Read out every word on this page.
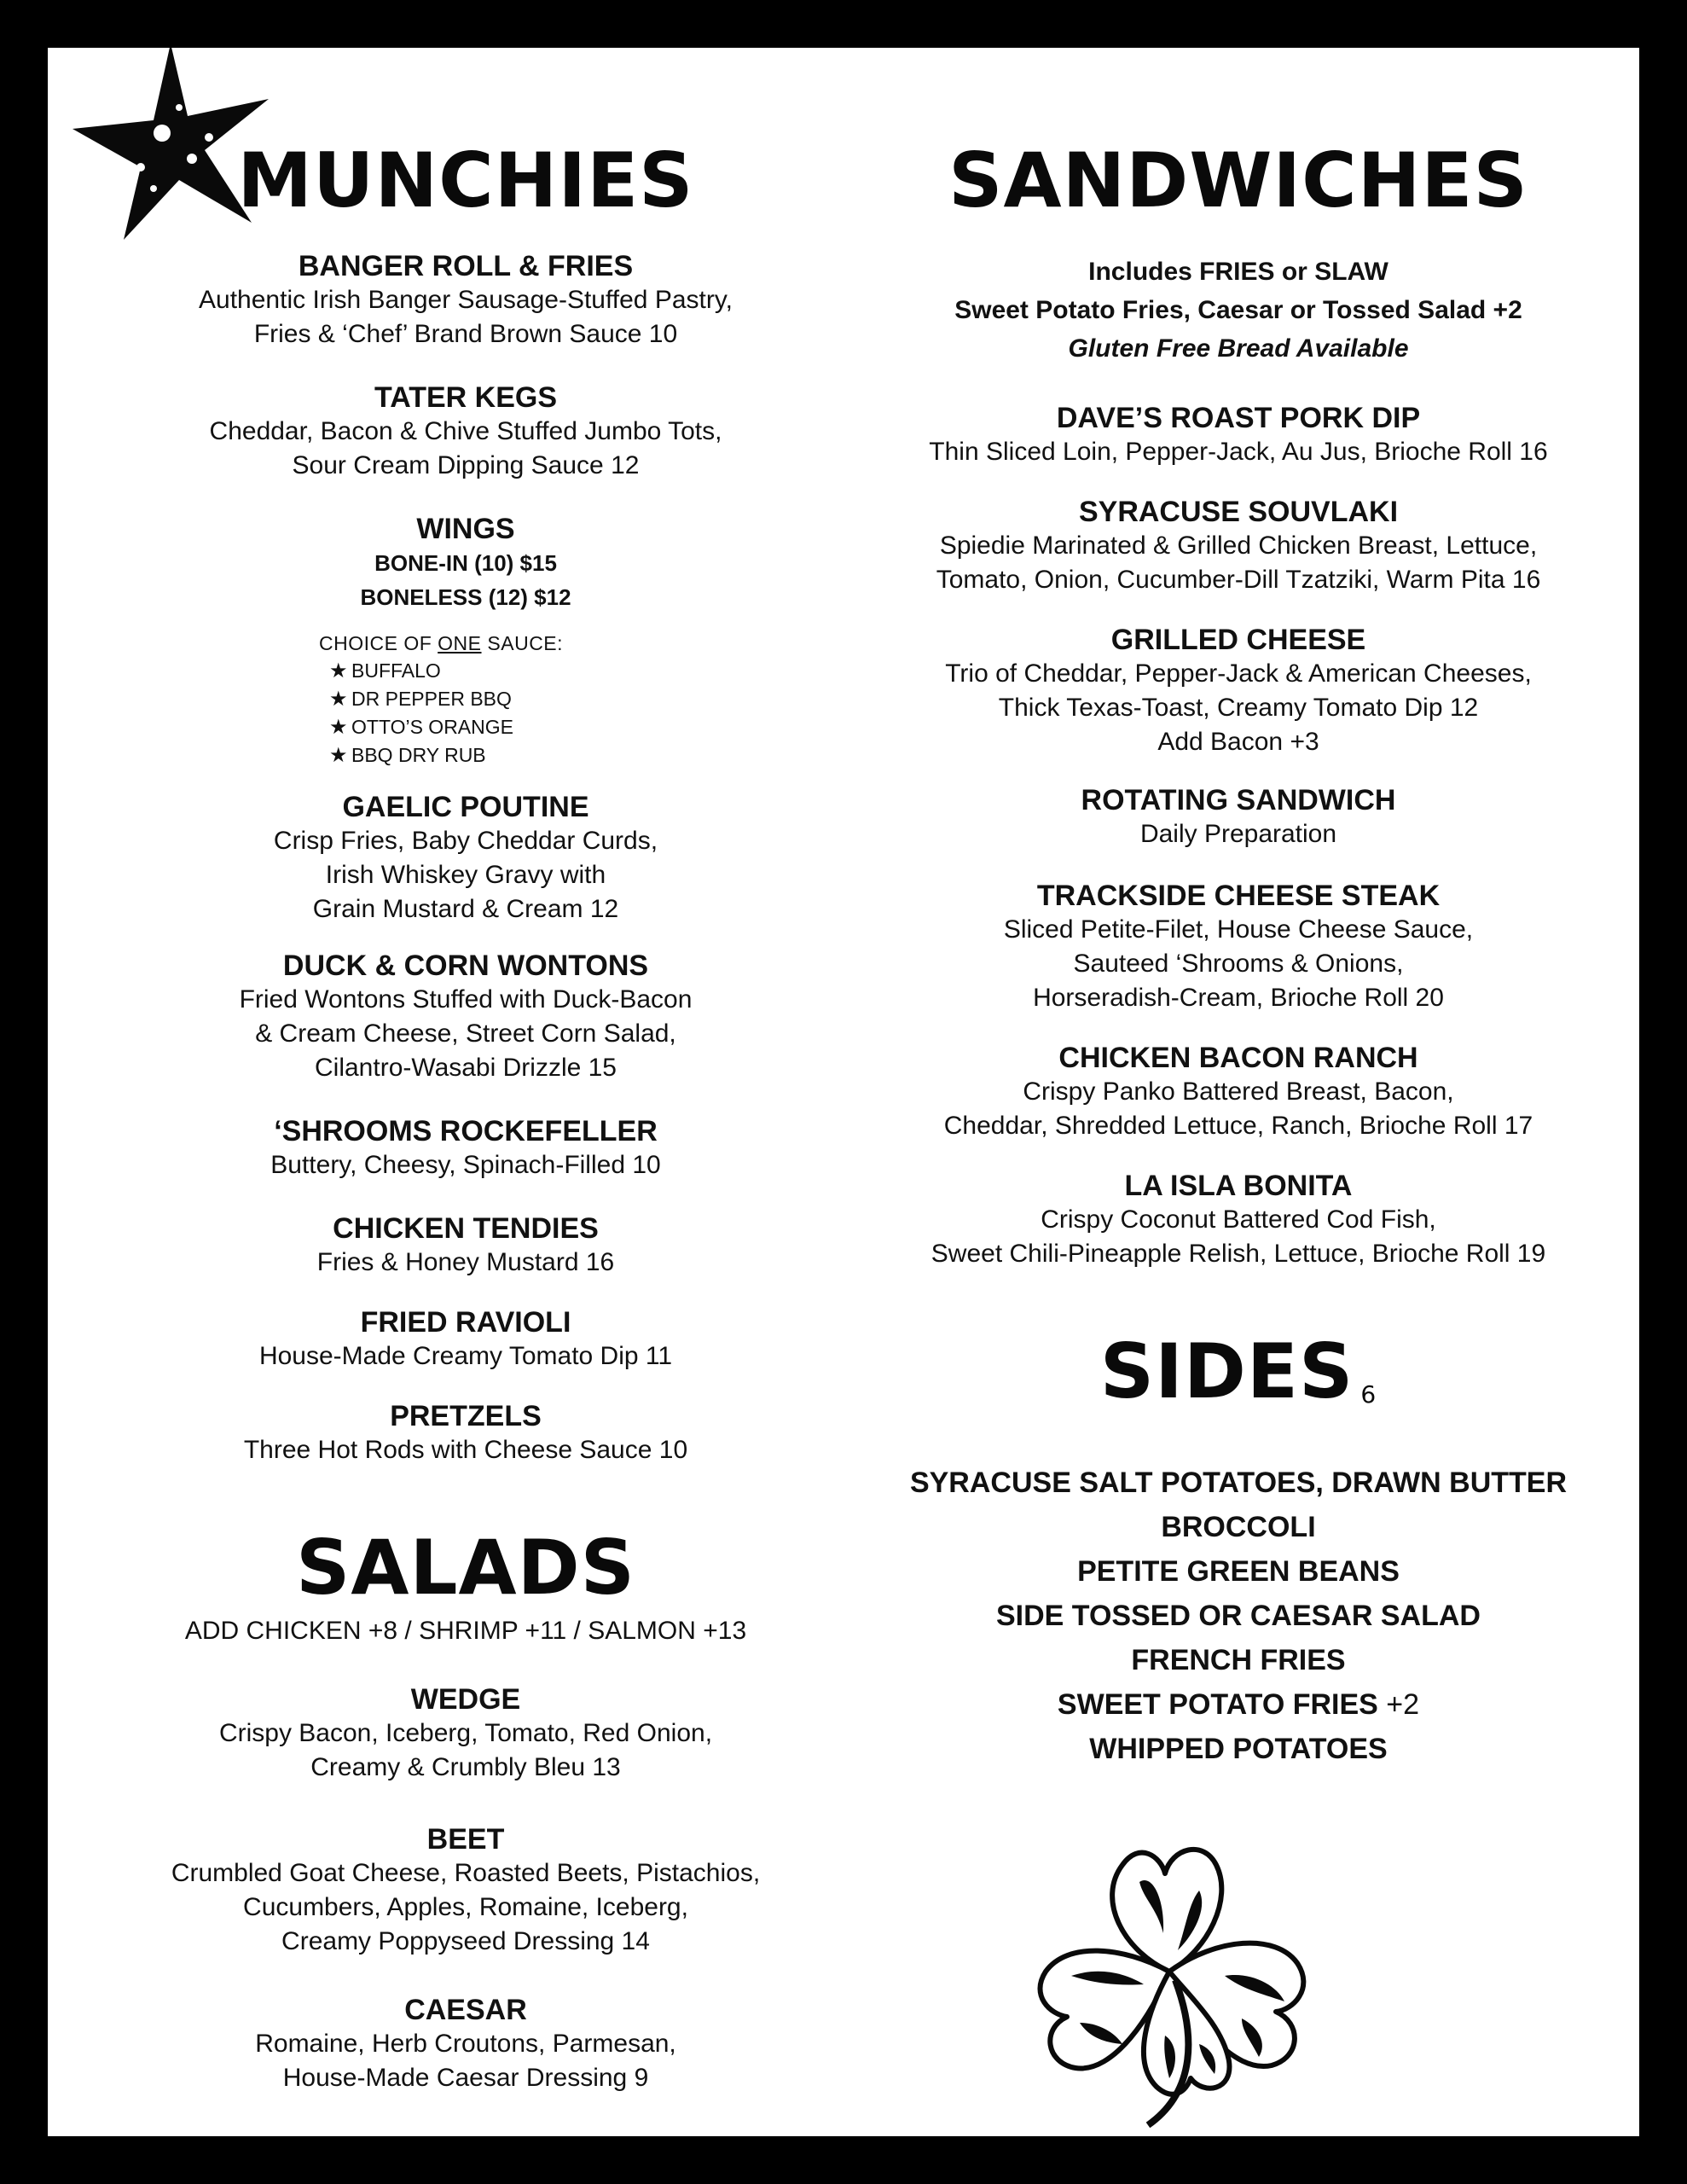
MUNCHIES
BANGER ROLL & FRIES
Authentic Irish Banger Sausage-Stuffed Pastry,
Fries & ‘Chef’ Brand Brown Sauce 10
TATER KEGS
Cheddar, Bacon & Chive Stuffed Jumbo Tots,
Sour Cream Dipping Sauce 12
WINGS
BONE-IN (10) $15
BONELESS (12) $12
CHOICE OF ONE SAUCE:
★ BUFFALO
★ DR PEPPER BBQ
★ OTTO’S ORANGE
★ BBQ DRY RUB
GAELIC POUTINE
Crisp Fries, Baby Cheddar Curds,
Irish Whiskey Gravy with
Grain Mustard & Cream 12
DUCK & CORN WONTONS
Fried Wontons Stuffed with Duck-Bacon
& Cream Cheese, Street Corn Salad,
Cilantro-Wasabi Drizzle 15
‘SHROOMS ROCKEFELLER
Buttery, Cheesy, Spinach-Filled 10
CHICKEN TENDIES
Fries & Honey Mustard 16
FRIED RAVIOLI
House-Made Creamy Tomato Dip 11
PRETZELS
Three Hot Rods with Cheese Sauce 10
SALADS
ADD CHICKEN +8 / SHRIMP +11 / SALMON +13
WEDGE
Crispy Bacon, Iceberg, Tomato, Red Onion,
Creamy & Crumbly Bleu 13
BEET
Crumbled Goat Cheese, Roasted Beets, Pistachios,
Cucumbers, Apples, Romaine, Iceberg,
Creamy Poppyseed Dressing 14
CAESAR
Romaine, Herb Croutons, Parmesan,
House-Made Caesar Dressing 9
SANDWICHES
Includes FRIES or SLAW
Sweet Potato Fries, Caesar or Tossed Salad +2
Gluten Free Bread Available
DAVE’S ROAST PORK DIP
Thin Sliced Loin, Pepper-Jack, Au Jus, Brioche Roll 16
SYRACUSE SOUVLAKI
Spiedie Marinated & Grilled Chicken Breast, Lettuce,
Tomato, Onion, Cucumber-Dill Tzatziki, Warm Pita 16
GRILLED CHEESE
Trio of Cheddar, Pepper-Jack & American Cheeses,
Thick Texas-Toast, Creamy Tomato Dip 12
Add Bacon +3
ROTATING SANDWICH
Daily Preparation
TRACKSIDE CHEESE STEAK
Sliced Petite-Filet, House Cheese Sauce,
Sauteed ‘Shrooms & Onions,
Horseradish-Cream, Brioche Roll 20
CHICKEN BACON RANCH
Crispy Panko Battered Breast, Bacon,
Cheddar, Shredded Lettuce, Ranch, Brioche Roll 17
LA ISLA BONITA
Crispy Coconut Battered Cod Fish,
Sweet Chili-Pineapple Relish, Lettuce, Brioche Roll 19
SIDES 6
SYRACUSE SALT POTATOES, DRAWN BUTTER
BROCCOLI
PETITE GREEN BEANS
SIDE TOSSED OR CAESAR SALAD
FRENCH FRIES
SWEET POTATO FRIES +2
WHIPPED POTATOES
